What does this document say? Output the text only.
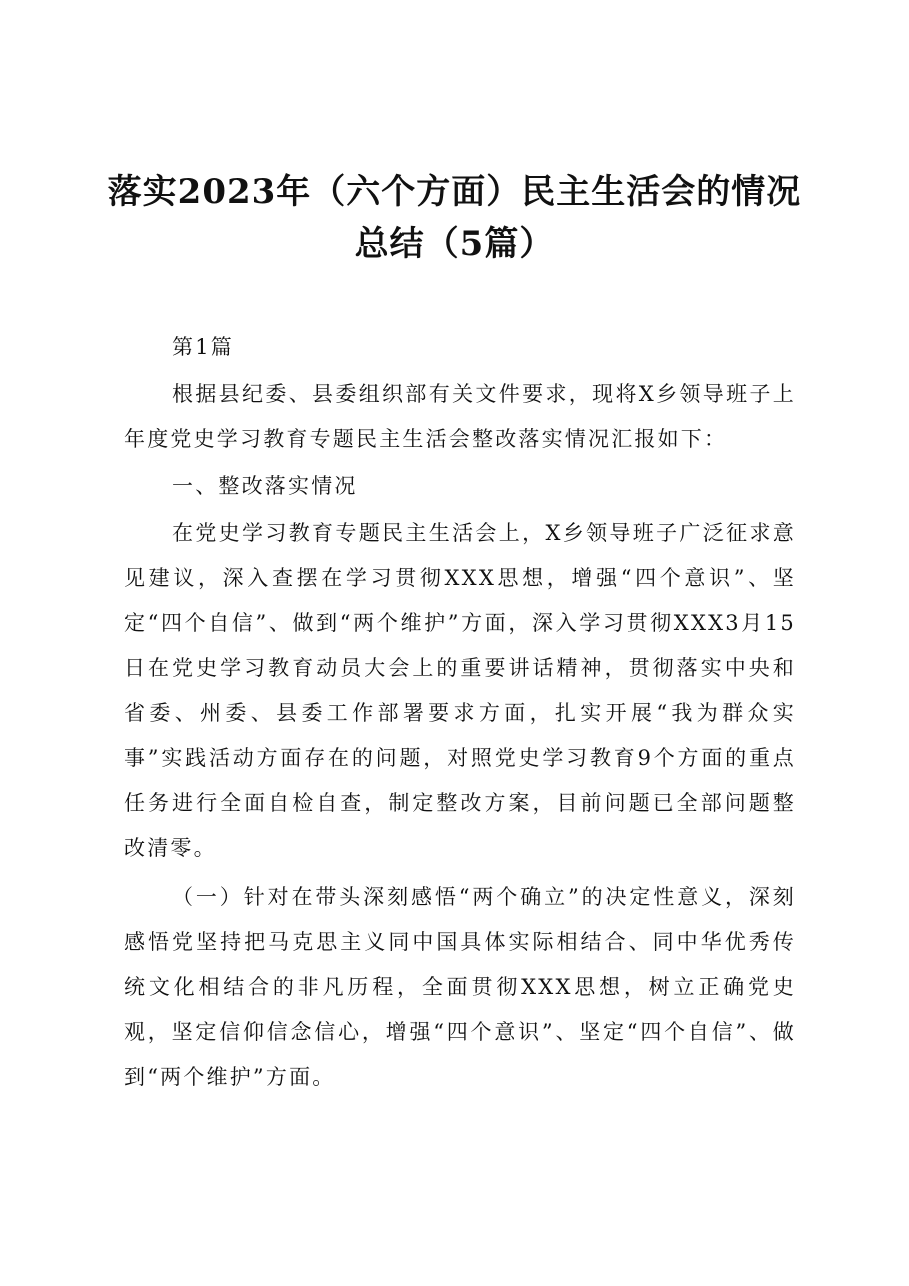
落实2023年（六个方面）民主生活会的情况
总结（5篇）

第1篇

根据县纪委、县委组织部有关文件要求，现将X乡领导班子上年度党史学习教育专题民主生活会整改落实情况汇报如下：

一、整改落实情况

在党史学习教育专题民主生活会上，X乡领导班子广泛征求意见建议，深入查摆在学习贯彻XXX思想，增强“四个意识”、坚定“四个自信”、做到“两个维护”方面，深入学习贯彻XXX3月15日在党史学习教育动员大会上的重要讲话精神，贯彻落实中央和省委、州委、县委工作部署要求方面，扎实开展“我为群众实事”实践活动方面存在的问题，对照党史学习教育9个方面的重点任务进行全面自检自查，制定整改方案，目前问题已全部问题整改清零。

（一）针对在带头深刻感悟“两个确立”的决定性意义，深刻感悟党坚持把马克思主义同中国具体实际相结合、同中华优秀传统文化相结合的非凡历程，全面贯彻XXX思想，树立正确党史观，坚定信仰信念信心，增强“四个意识”、坚定“四个自信”、做到“两个维护”方面。
